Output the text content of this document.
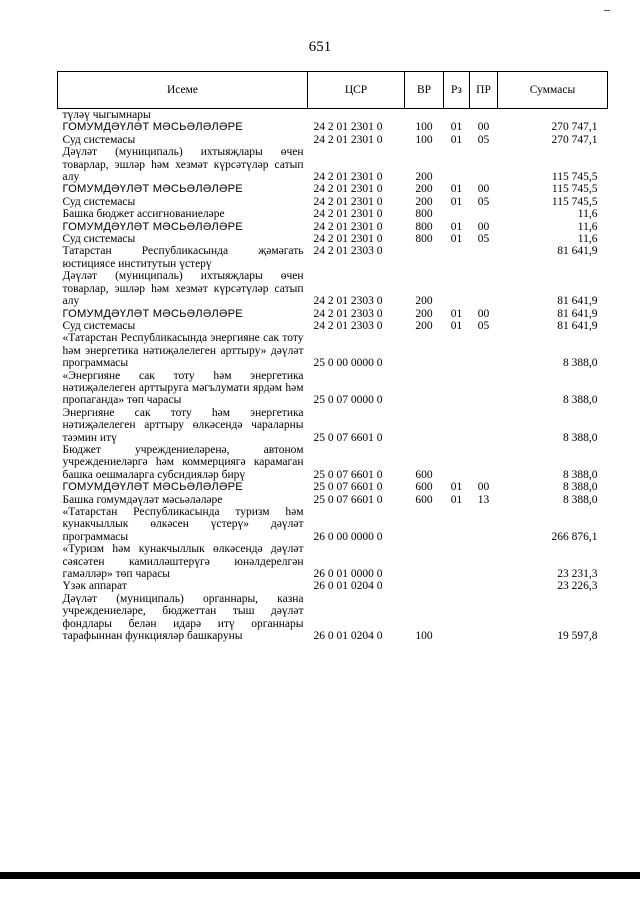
651
Исеме	ЦСР	ВР	Рз	ПР	Суммасы
түләү чыгымнары					
ГОМУМДӘҮЛӘТ МӘСЬӘЛӘЛӘРЕ	24 2 01 2301 0	100	01	00	270 747,1
Суд системасы	24 2 01 2301 0	100	01	05	270 747,1
Дәүләт (муниципаль) ихтыяҗлары өчен товарлар, эшләр һәм хезмәт күрсәтүләр сатып алу	24 2 01 2301 0	200			115 745,5
ГОМУМДӘҮЛӘТ МӘСЬӘЛӘЛӘРЕ	24 2 01 2301 0	200	01	00	115 745,5
Суд системасы	24 2 01 2301 0	200	01	05	115 745,5
Башка бюджет ассигнованиеләре	24 2 01 2301 0	800			11,6
ГОМУМДӘҮЛӘТ МӘСЬӘЛӘЛӘРЕ	24 2 01 2301 0	800	01	00	11,6
Суд системасы	24 2 01 2301 0	800	01	05	11,6
Татарстан Республикасында җәмәгать юстициясе институтын үстерү	24 2 01 2303 0				81 641,9
Дәүләт (муниципаль) ихтыяҗлары өчен товарлар, эшләр һәм хезмәт күрсәтүләр сатып алу	24 2 01 2303 0	200			81 641,9
ГОМУМДӘҮЛӘТ МӘСЬӘЛӘЛӘРЕ	24 2 01 2303 0	200	01	00	81 641,9
Суд системасы	24 2 01 2303 0	200	01	05	81 641,9
«Татарстан Республикасында энергияне сак тоту һәм энергетика нәтиҗәлелеген арттыру» дәүләт программасы	25 0 00 0000 0				8 388,0
«Энергияне сак тоту һәм энергетика нәтиҗәлелеген арттыруга мәгълумати ярдәм һәм пропаганда» төп чарасы	25 0 07 0000 0				8 388,0
Энергияне сак тоту һәм энергетика нәтиҗәлелеген арттыру өлкәсендә чараларны тәэмин итү	25 0 07 6601 0				8 388,0
Бюджет учреждениеләренә, автоном учреждениеләргә һәм коммерциягә карамаган башка оешмаларга субсидияләр бирү	25 0 07 6601 0	600			8 388,0
ГОМУМДӘҮЛӘТ МӘСЬӘЛӘЛӘРЕ	25 0 07 6601 0	600	01	00	8 388,0
Башка гомумдәүләт мәсьәләләре	25 0 07 6601 0	600	01	13	8 388,0
«Татарстан Республикасында туризм һәм кунакчыллык өлкәсен үстерү» дәүләт программасы	26 0 00 0000 0				266 876,1
«Туризм һәм кунакчыллык өлкәсендә дәүләт сәясәтен камилләштерүгә юнәлдерелгән гамәлләр» төп чарасы	26 0 01 0000 0				23 231,3
Үзәк аппарат	26 0 01 0204 0				23 226,3
Дәүләт (муниципаль) органнары, казна учреждениеләре, бюджеттан тыш дәүләт фондлары белән идарә итү органнары тарафыннан функцияләр башкаруны	26 0 01 0204 0	100			19 597,8
